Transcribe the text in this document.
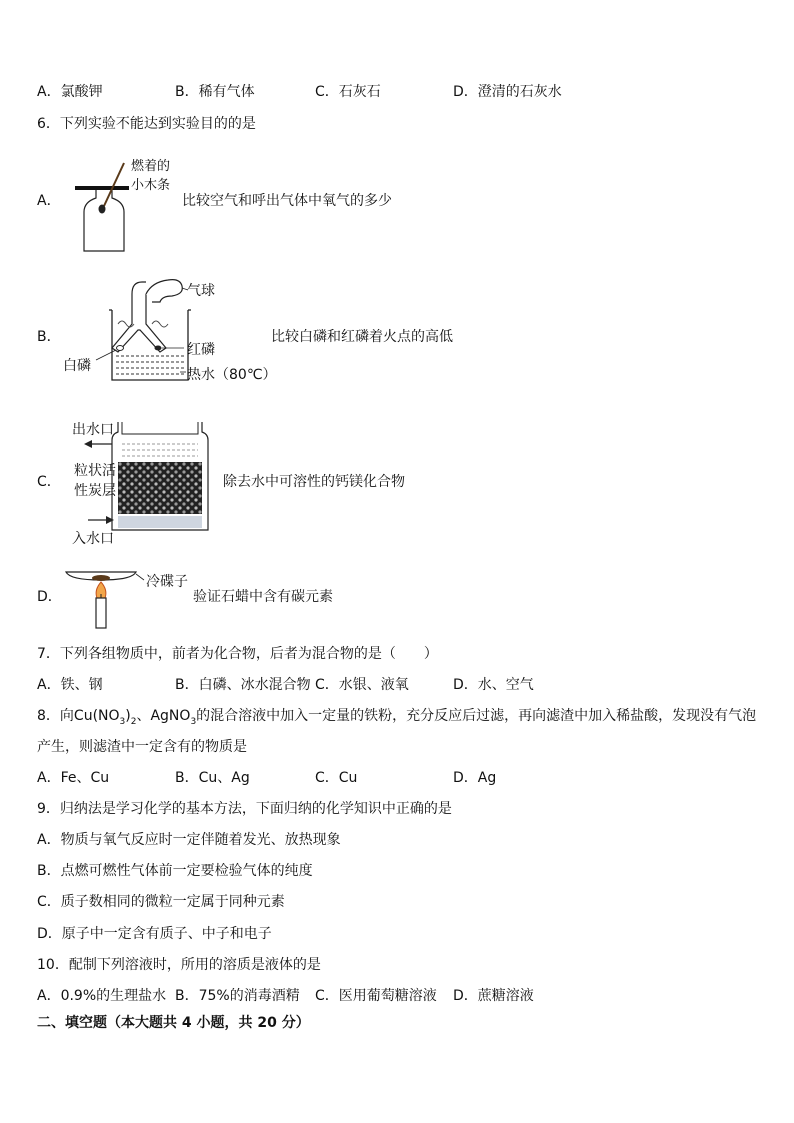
A．氯酸钾	B．稀有气体	C．石灰石	D．澄清的石灰水
6．下列实验不能达到实验目的的是
A．
燃着的
小木条
比较空气和呼出气体中氧气的多少
B．
气球
红磷
白磷
热水（80℃）
比较白磷和红磷着火点的高低
C．
出水口
粒状活
性炭层
入水口
除去水中可溶性的钙镁化合物
D．
冷碟子
验证石蜡中含有碳元素
7．下列各组物质中，前者为化合物，后者为混合物的是（　　）
A．铁、钢	B．白磷、冰水混合物 C．水银、液氧	D．水、空气
8．向$Cu(NO_3)_2$、AgNO$_3$的混合溶液中加入一定量的铁粉，充分反应后过滤，再向滤渣中加入稀盐酸，发现没有气泡
产生，则滤渣中一定含有的物质是
A．Fe、Cu	B．Cu、Ag	C．Cu	D．Ag
9．归纳法是学习化学的基本方法，下面归纳的化学知识中正确的是
A．物质与氧气反应时一定伴随着发光、放热现象
B．点燃可燃性气体前一定要检验气体的纯度
C．质子数相同的微粒一定属于同种元素
D．原子中一定含有质子、中子和电子
10．配制下列溶液时，所用的溶质是液体的是
A．0.9%的生理盐水 B．75%的消毒酒精 C．医用葡萄糖溶液 D．蔗糖溶液
二、填空题（本大题共 4 小题，共 20 分）
